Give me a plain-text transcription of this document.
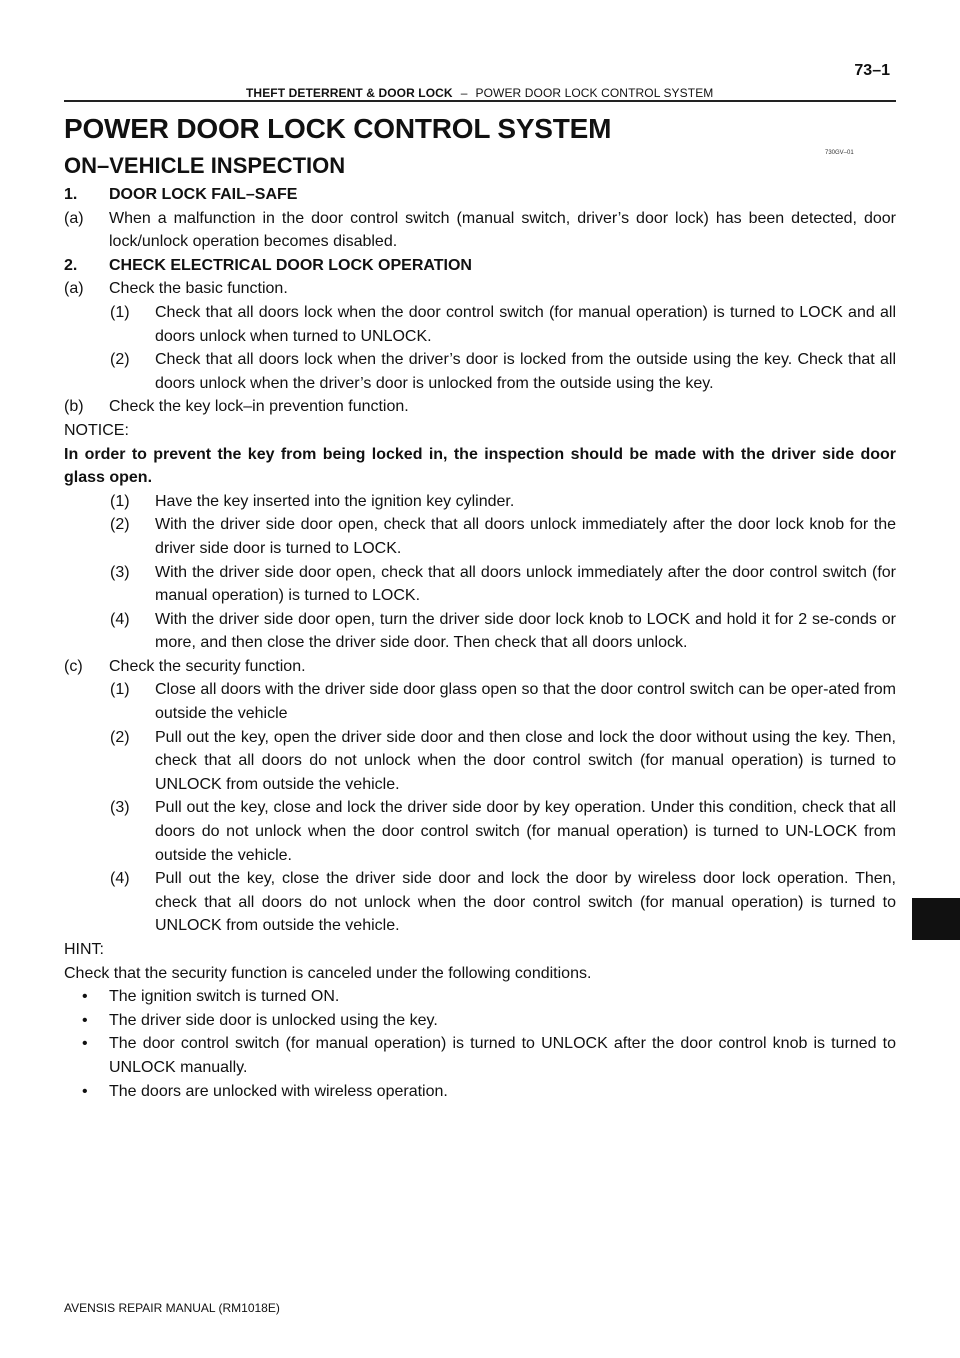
THEFT DETERRENT & DOOR LOCK – POWER DOOR LOCK CONTROL SYSTEM
73–1
730GV–01
POWER DOOR LOCK CONTROL SYSTEM
ON–VEHICLE INSPECTION

1. DOOR LOCK FAIL–SAFE

(a) When a malfunction in the door control switch (manual switch, driver’s door lock) has been detected, door lock/unlock operation becomes disabled.

2. CHECK ELECTRICAL DOOR LOCK OPERATION

(a) Check the basic function.

(1) Check that all doors lock when the door control switch (for manual operation) is turned to LOCK and all doors unlock when turned to UNLOCK.

(2) Check that all doors lock when the driver’s door is locked from the outside using the key. Check that all doors unlock when the driver’s door is unlocked from the outside using the key.

(b) Check the key lock–in prevention function.

NOTICE:

In order to prevent the key from being locked in, the inspection should be made with the driver side door glass open.

(1) Have the key inserted into the ignition key cylinder.

(2) With the driver side door open, check that all doors unlock immediately after the door lock knob for the driver side door is turned to LOCK.

(3) With the driver side door open, check that all doors unlock immediately after the door control switch (for manual operation) is turned to LOCK.

(4) With the driver side door open, turn the driver side door lock knob to LOCK and hold it for 2 se-conds or more, and then close the driver side door. Then check that all doors unlock.

(c) Check the security function.

(1) Close all doors with the driver side door glass open so that the door control switch can be oper-ated from outside the vehicle

(2) Pull out the key, open the driver side door and then close and lock the door without using the key. Then, check that all doors do not unlock when the door control switch (for manual operation) is turned to UNLOCK from outside the vehicle.

(3) Pull out the key, close and lock the driver side door by key operation. Under this condition, check that all doors do not unlock when the door control switch (for manual operation) is turned to UN-LOCK from outside the vehicle.

(4) Pull out the key, close the driver side door and lock the door by wireless door lock operation. Then, check that all doors do not unlock when the door control switch (for manual operation) is turned to UNLOCK from outside the vehicle.

HINT:

Check that the security function is canceled under the following conditions.

• The ignition switch is turned ON.

• The driver side door is unlocked using the key.

• The door control switch (for manual operation) is turned to UNLOCK after the door control knob is turned to UNLOCK manually.

• The doors are unlocked with wireless operation.

AVENSIS REPAIR MANUAL (RM1018E)
